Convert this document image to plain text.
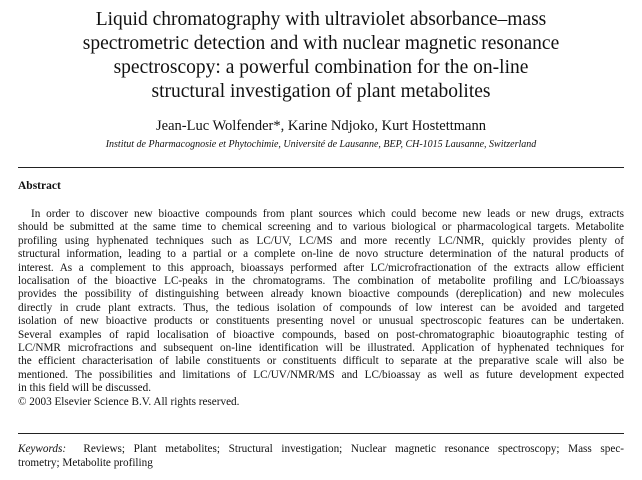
Liquid chromatography with ultraviolet absorbance–mass
spectrometric detection and with nuclear magnetic resonance
spectroscopy: a powerful combination for the on-line
structural investigation of plant metabolites
Jean-Luc Wolfender*, Karine Ndjoko, Kurt Hostettmann
Institut de Pharmacognosie et Phytochimie, Université de Lausanne, BEP, CH-1015 Lausanne, Switzerland
Abstract
In order to discover new bioactive compounds from plant sources which could become new leads or new drugs, extracts
should be submitted at the same time to chemical screening and to various biological or pharmacological targets. Metabolite
profiling using hyphenated techniques such as LC/UV, LC/MS and more recently LC/NMR, quickly provides plenty of
structural information, leading to a partial or a complete on-line de novo structure determination of the natural products of
interest. As a complement to this approach, bioassays performed after LC/microfractionation of the extracts allow efficient
localisation of the bioactive LC-peaks in the chromatograms. The combination of metabolite profiling and LC/bioassays
provides the possibility of distinguishing between already known bioactive compounds (dereplication) and new molecules
directly in crude plant extracts. Thus, the tedious isolation of compounds of low interest can be avoided and targeted
isolation of new bioactive products or constituents presenting novel or unusual spectroscopic features can be undertaken.
Several examples of rapid localisation of bioactive compounds, based on post-chromatographic bioautographic testing of
LC/NMR microfractions and subsequent on-line identification will be illustrated. Application of hyphenated techniques for
the efficient characterisation of labile constituents or constituents difficult to separate at the preparative scale will also be
mentioned. The possibilities and limitations of LC/UV/NMR/MS and LC/bioassay as well as future development expected
in this field will be discussed.
© 2003 Elsevier Science B.V. All rights reserved.
Keywords: Reviews; Plant metabolites; Structural investigation; Nuclear magnetic resonance spectroscopy; Mass spec-
trometry; Metabolite profiling
